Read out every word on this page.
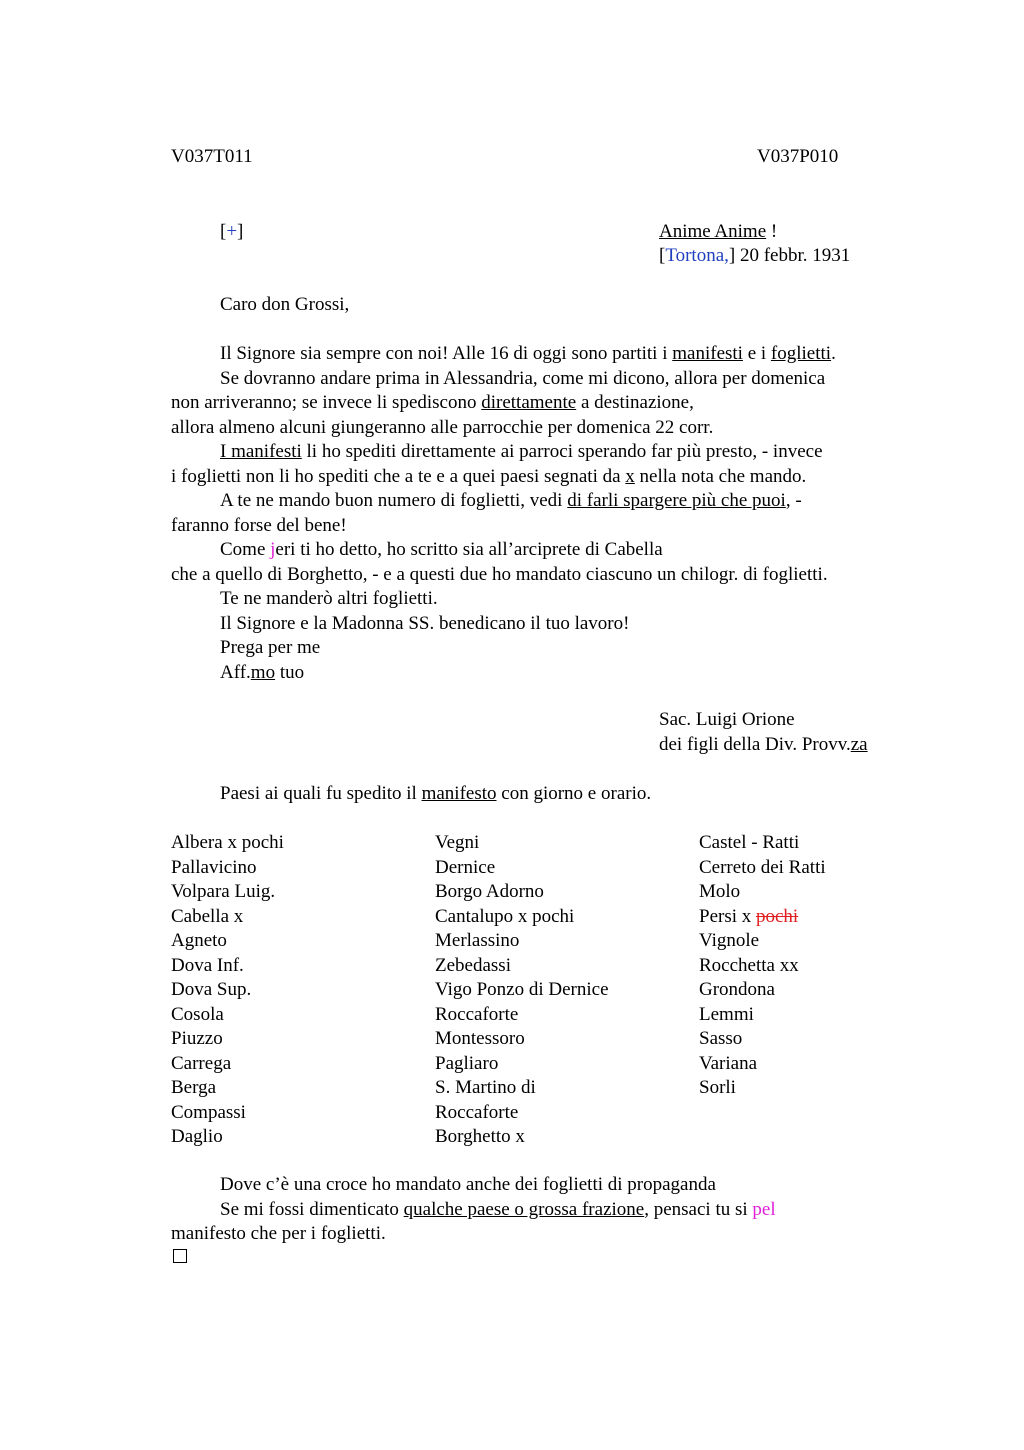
V037T011	V037P010
[+]	Anime Anime !
[Tortona,] 20 febbr. 1931
Caro don Grossi,
Il Signore sia sempre con noi! Alle 16 di oggi sono partiti i manifesti e i foglietti.
Se dovranno andare prima in Alessandria, come mi dicono, allora per domenica
non arriveranno; se invece li spediscono direttamente a destinazione,
allora almeno alcuni giungeranno alle parrocchie per domenica 22 corr.
I manifesti li ho spediti direttamente ai parroci sperando far più presto, - invece
i foglietti non li ho spediti che a te e a quei paesi segnati da x nella nota che mando.
A te ne mando buon numero di foglietti, vedi di farli spargere più che puoi, -
faranno forse del bene!
Come jeri ti ho detto, ho scritto sia all’arciprete di Cabella
che a quello di Borghetto, - e a questi due ho mandato ciascuno un chilogr. di foglietti.
Te ne manderò altri foglietti.
Il Signore e la Madonna SS. benedicano il tuo lavoro!
Prega per me
Aff.mo tuo
Sac. Luigi Orione
dei figli della Div. Provv.za
Paesi ai quali fu spedito il manifesto con giorno e orario.
Albera x pochi
Pallavicino
Volpara Luig.
Cabella x
Agneto
Dova Inf.
Dova Sup.
Cosola
Piuzzo
Carrega
Berga
Compassi
Daglio
Vegni
Dernice
Borgo Adorno
Cantalupo x pochi
Merlassino
Zebedassi
Vigo Ponzo di Dernice
Roccaforte
Montessoro
Pagliaro
S. Martino di
Roccaforte
Borghetto x
Castel - Ratti
Cerreto dei Ratti
Molo
Persi x pochi
Vignole
Rocchetta xx
Grondona
Lemmi
Sasso
Variana
Sorli
Dove c’è una croce ho mandato anche dei foglietti di propaganda
Se mi fossi dimenticato qualche paese o grossa frazione, pensaci tu si pel
manifesto che per i foglietti.
